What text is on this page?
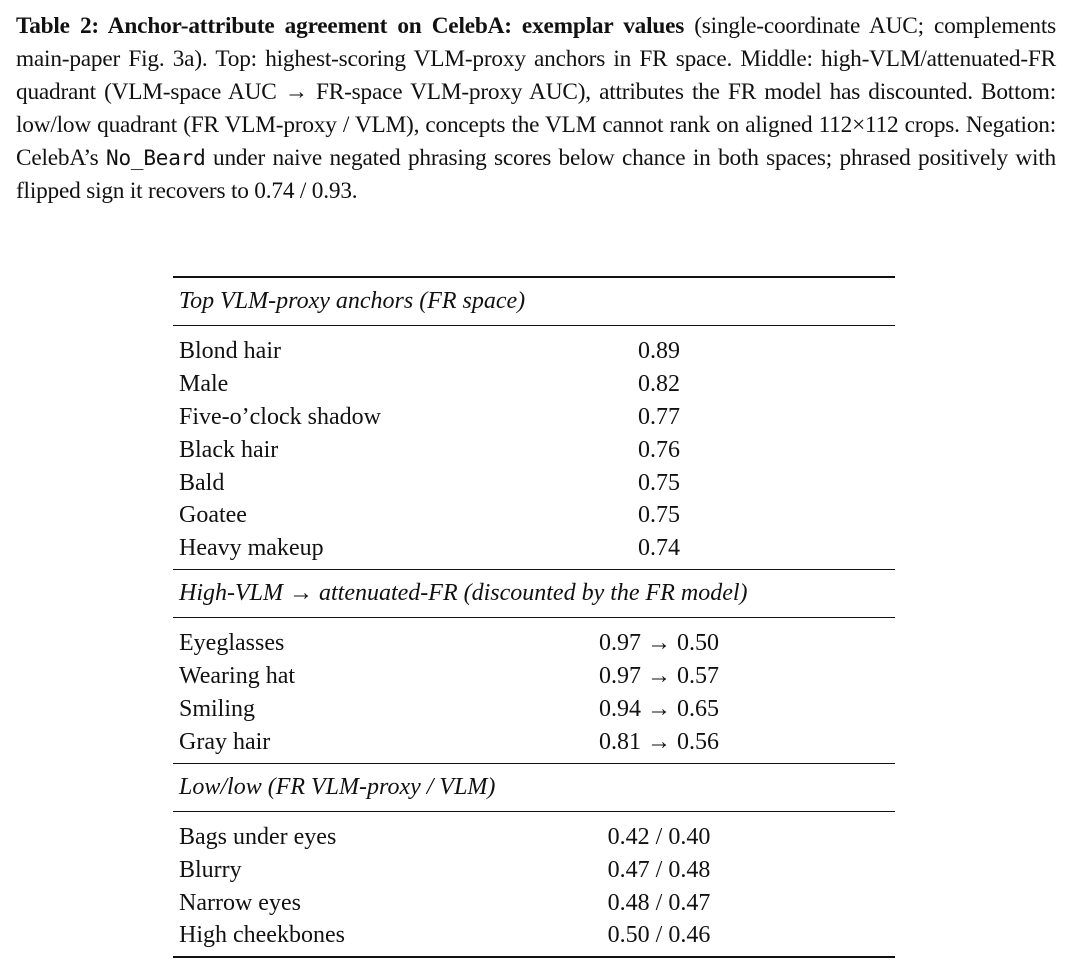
Table 2: Anchor-attribute agreement on CelebA: exemplar values (single-coordinate AUC; complements main-paper Fig. 3a). Top: highest-scoring VLM-proxy anchors in FR space. Middle: high-VLM/attenuated-FR quadrant (VLM-space AUC → FR-space VLM-proxy AUC), attributes the FR model has discounted. Bottom: low/low quadrant (FR VLM-proxy / VLM), concepts the VLM cannot rank on aligned 112×112 crops. Negation: CelebA’s No_Beard under naive negated phrasing scores below chance in both spaces; phrased positively with flipped sign it recovers to 0.74 / 0.93.
Top VLM-proxy anchors (FR space)
Blond hair	0.89
Male	0.82
Five-o’clock shadow	0.77
Black hair	0.76
Bald	0.75
Goatee	0.75
Heavy makeup	0.74
High-VLM → attenuated-FR (discounted by the FR model)
Eyeglasses	0.97 → 0.50
Wearing hat	0.97 → 0.57
Smiling	0.94 → 0.65
Gray hair	0.81 → 0.56
Low/low (FR VLM-proxy / VLM)
Bags under eyes	0.42 / 0.40
Blurry	0.47 / 0.48
Narrow eyes	0.48 / 0.47
High cheekbones	0.50 / 0.46
